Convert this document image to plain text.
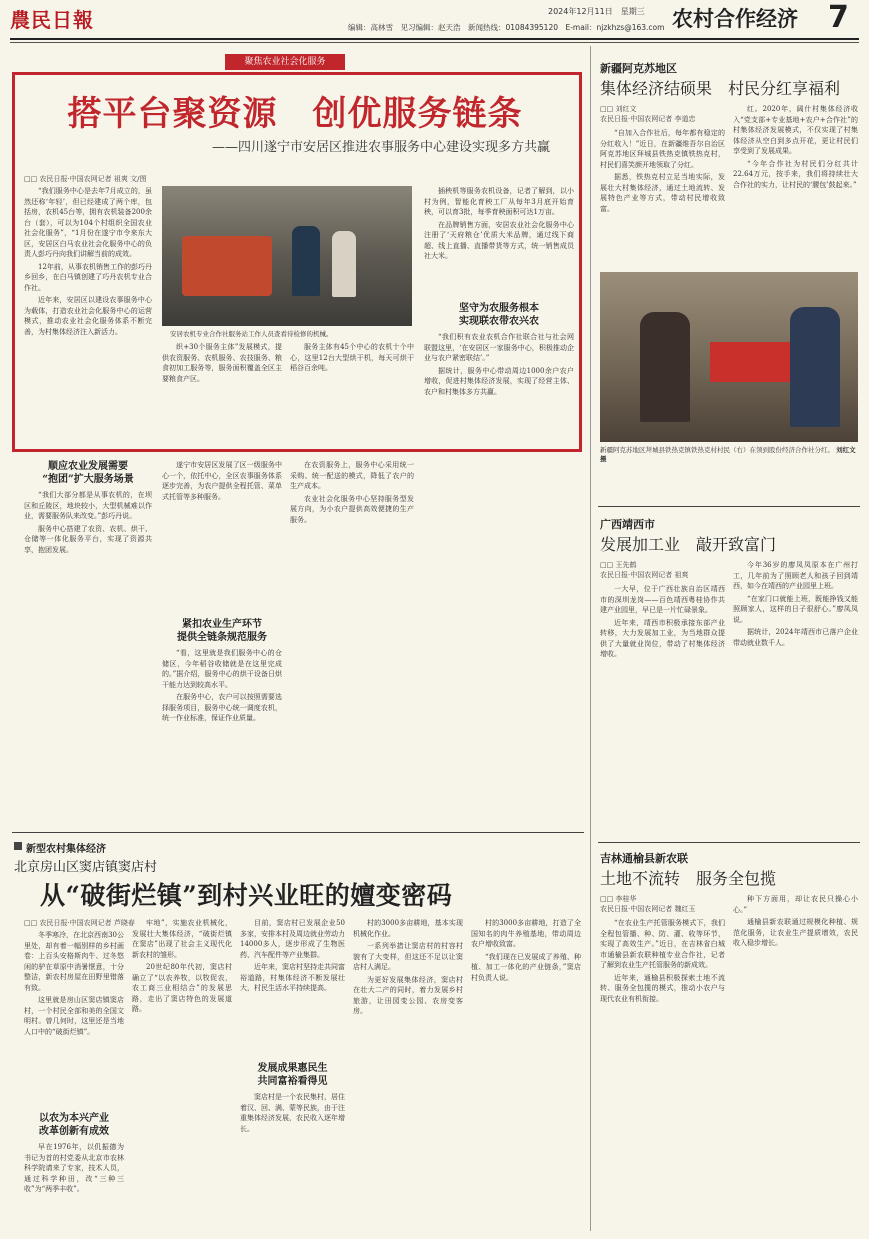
農民日報	2024年12月11日　星期三
编辑：高林雪　见习编辑：赵天浩　新闻热线：01084395120　E-mail：njzkhzs@163.com 农村合作经济 7
聚焦农业社会化服务
搭平台聚资源　创优服务链条
——四川遂宁市安居区推进农事服务中心建设实现多方共赢
□□ 农民日报·中国农网记者 祖爽 文/图

“我们服务中心是去年7月成立的，虽然还称‘年轻’，但已经建成了两个库，包括房，农机45台等，拥有农机装备200余台（套），可以为104个村组织全国农业社会化服务”，“1月份在遂宁市令来东大区，安居区白马农业社会化服务中心的负责人彭巧丹向我们讲解当前的成效。

12年前，从事农机销售工作的彭巧丹乡回乡，在白马镇创建了巧丹农机专业合作社。

近年来，安居区以建设农事服务中心为载体，打造农业社会化服务中心的运营模式，推动农业社会化服务体系不断完善，为村集体经济注入新活力。	安居农机专业合作社服务站工作人员查看待检修的机械。

织+30个服务主体”发展模式，提供农资服务、农机服务、农技服务、粮食初加工服务等，服务面积覆盖全区主要粮食产区。

服务主体有45个中心的农机十个中心，这里12台大型烘干机，每天可烘干稻谷百余吨。

插秧机等服务农机设备，记者了解到，以小村为例，智能化育秧工厂从每年3月底开始育秧，可以育3批，每季育秧面积可达1万亩。

在品牌销售方面，安居农业社会化服务中心注册了‘天府粮仓’优质大米品牌，通过线下商超、线上直播、直播带货等方式，统一销售成员社大米。

坚守为农服务根本
实现联农带农兴农

“我们积有农业农机合作社联合社与社会网联盟这里，‘在安居区一家服务中心，积极推动企业与农户紧密联结’。”

据统计，服务中心带动周边1000余户农户增收，促进村集体经济发展，实现了经营主体、农户和村集体多方共赢。

顺应农业发展需要
“抱团”扩大服务场景

“我们大部分都是从事农机的，在坝区和丘陵区，地块较小，大型机械难以作业，需要服务队来改变。”彭巧丹说。

服务中心搭建了农资、农机、烘干、仓储等一体化服务平台，实现了资源共享，抱团发展。

遂宁市安居区发展了区一级服务中心一个，依托中心，全区农事服务体系逐步完善，为农户提供全程托管、菜单式托管等多种服务。

紧扣农业生产环节
提供全链条规范服务

“看，这里就是我们服务中心的仓储区，今年稻谷收储就是在这里完成的。”据介绍，服务中心的烘干设备日烘干能力达到较高水平。

在服务中心，农户可以按照需要选择服务项目，服务中心统一调度农机，统一作业标准，保证作业质量。

在农资服务上，服务中心采用统一采购、统一配送的模式，降低了农户的生产成本。

农业社会化服务中心坚持服务型发展方向，为小农户提供高效便捷的生产服务。

新疆阿克苏地区
集体经济结硕果　村民分红享福利
□□ 刘红文
农民日报·中国农网记者 李道忠

“自加入合作社后，每年都有稳定的分红收入！”近日，在新疆维吾尔自治区阿克苏地区拜城县铁热克镇铁热克村，村民们喜笑颜开地领取了分红。

据悉，铁热克村立足当地实际，发展壮大村集体经济，通过土地流转、发展特色产业等方式，带动村民增收致富。

红。2020年，阔什村集体经济收入“党支部+专业基地+农户+合作社”的村集体经济发展模式，不仅实现了村集体经济从空白到多点开花，更让村民们享受到了发展成果。

“今年合作社为村民们分红共计22.64万元，按手来，我们将持续壮大合作社的实力，让村民的‘腰包’鼓起来。”

新疆阿克苏地区拜城县铁热克镇铁热克村村民（右）在领到股份经济合作社分红。 刘红文 摄
广西靖西市
发展加工业　敲开致富门
□□ 王先鹤
农民日报·中国农网记者 祖爽

一大早，位于广西壮族自治区靖西市的深圳龙岗——百色靖西粤桂协作共建产业园里，早已是一片忙碌景象。

近年来，靖西市积极承接东部产业转移，大力发展加工业，为当地群众提供了大量就业岗位，带动了村集体经济增收。

今年36岁的廖凤凤原本在广州打工，几年前为了照顾老人和孩子回到靖西，如今在靖西的产业园里上班。

“在家门口就能上班，既能挣钱又能照顾家人，这样的日子很舒心。”廖凤凤说。

据统计，2024年靖西市已落户企业带动就业数千人。

吉林通榆县新农联
土地不流转　服务全包揽
□□ 李桂华
农民日报·中国农网记者 魏红玉

“在农业生产托管服务模式下，我们全程包管播、种、防、灌、收等环节，实现了高效生产。”近日，在吉林省白城市通榆县新农联种植专业合作社，记者了解到农业生产托管服务的新成效。

近年来，通榆县积极探索土地不流转、服务全包揽的模式，推动小农户与现代农业有机衔接。

种下方面用，却让农民只操心小心。”

通榆县新农联通过规模化种植、规范化服务，让农业生产提质增效，农民收入稳步增长。

新型农村集体经济
北京房山区窦店镇窦店村
从“破街烂镇”到村兴业旺的嬗变密码
□□ 农民日报·中国农网记者 芦晓春

冬季寒冷，在北京西南30公里处，却有着一幅别样的乡村画卷：上百头安格斯肉牛、过冬悠闲的驴在草原中消暑惬意，十分整洁，新农村房屋在田野里错落有致。

这里就是房山区窦店镇窦店村，一个村民全部和美的全国文明村。曾几何时，这里还是当地人口中的“破街烂镇”。

以农为本兴产业
改革创新有成效

早在1976年，以仉振德为书记为首的村党委从北京市农林科学院请来了专家，技术人员，通过科学种田，改“三种三收”为“两季丰收”。

牢地”，实施农业机械化，发展壮大集体经济，“破街烂镇在窦店”出现了社会主义现代化新农村的雏形。

20世纪80年代初，窦店村确立了“以农养牧，以牧促农，农工商三业相结合”的发展思路，走出了窦店特色的发展道路。

目前，窦店村已发展企业50多家，安排本村及周边就业劳动力14000多人，逐步形成了生物医药、汽车配件等产业集群。

近年来，窦店村坚持走共同富裕道路，村集体经济不断发展壮大，村民生活水平持续提高。

发展成果惠民生
共同富裕看得见

窦店村是一个农民集村，居住着汉、回、满、蒙等民族，由于注重集体经济发展，农民收入逐年增长。

村的3000多亩耕地，基本实现机械化作业。

一系列举措让窦店村的村容村貌有了大变样，但这还不足以让窦店村人满足。

为更好发展集体经济，窦店村在壮大二产的同时，着力发展乡村旅游，让田园变公园、农房变客房。

村的3000多亩耕地，打造了全国知名的肉牛养殖基地，带动周边农户增收致富。

“我们现在已发展成了养殖、种植、加工一体化的产业链条，”窦店村负责人说。
